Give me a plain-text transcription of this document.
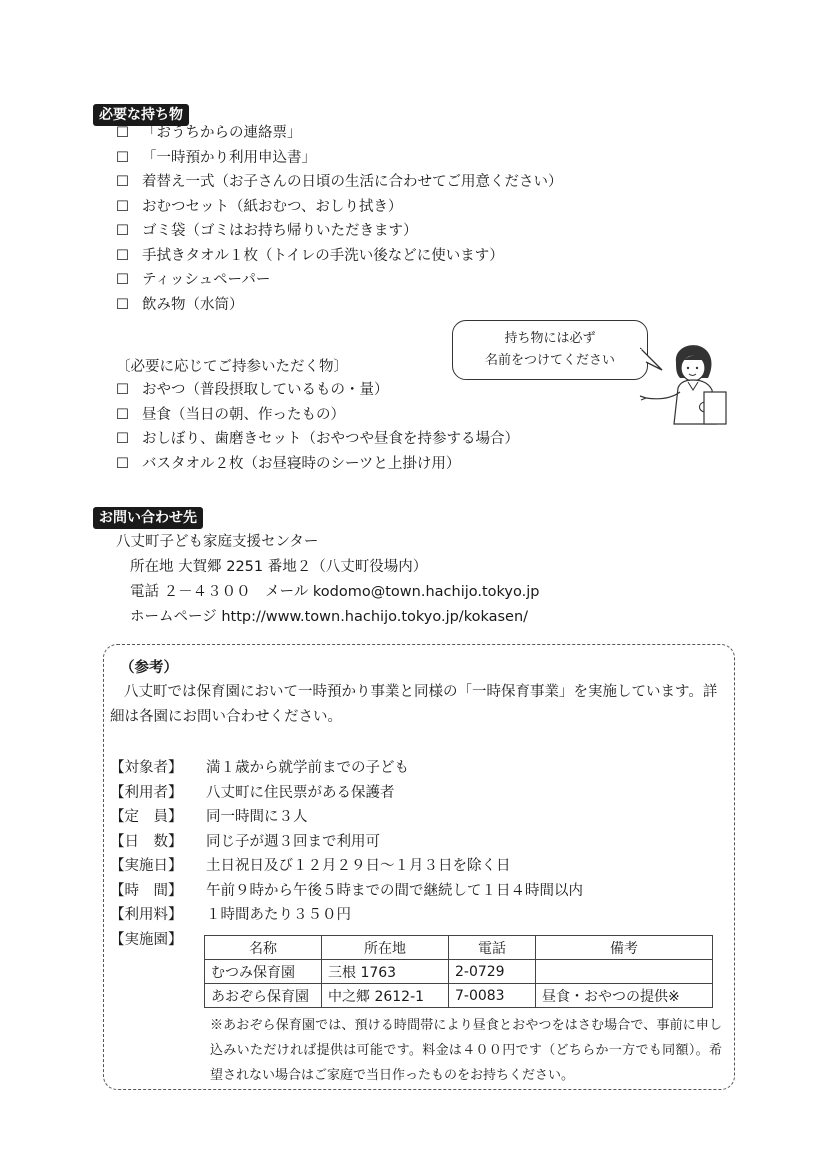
必要な持ち物
☐ 「おうちからの連絡票」
☐ 「一時預かり利用申込書」
☐ 着替え一式（お子さんの日頃の生活に合わせてご用意ください）
☐ おむつセット（紙おむつ、おしり拭き）
☐ ゴミ袋（ゴミはお持ち帰りいただきます）
☐ 手拭きタオル１枚（トイレの手洗い後などに使います）
☐ ティッシュペーパー
☐ 飲み物（水筒）
〔必要に応じてご持参いただく物〕
☐ おやつ（普段摂取しているもの・量）
☐ 昼食（当日の朝、作ったもの）
☐ おしぼり、歯磨きセット（おやつや昼食を持参する場合）
☐ バスタオル２枚（お昼寝時のシーツと上掛け用）
持ち物には必ず
名前をつけてください
お問い合わせ先
八丈町子ども家庭支援センター
所在地 大賀郷 2251 番地２（八丈町役場内）
電話 ２－４３００　メール kodomo@town.hachijo.tokyo.jp
ホームページ http://www.town.hachijo.tokyo.jp/kokasen/
（参考）
八丈町では保育園において一時預かり事業と同様の「一時保育事業」を実施しています。詳細は各園にお問い合わせください。
【対象者】 満１歳から就学前までの子ども
【利用者】 八丈町に住民票がある保護者
【定　員】 同一時間に３人
【日　数】 同じ子が週３回まで利用可
【実施日】 土日祝日及び１２月２９日～１月３日を除く日
【時　間】 午前９時から午後５時までの間で継続して１日４時間以内
【利用料】 １時間あたり３５０円
【実施園】
名称	所在地	電話	備考
むつみ保育園	三根 1763	2-0729	
あおぞら保育園	中之郷 2612-1	7-0083	昼食・おやつの提供※
※あおぞら保育園では、預ける時間帯により昼食とおやつをはさむ場合で、事前に申し込みいただければ提供は可能です。料金は４００円です（どちらか一方でも同額）。希望されない場合はご家庭で当日作ったものをお持ちください。
